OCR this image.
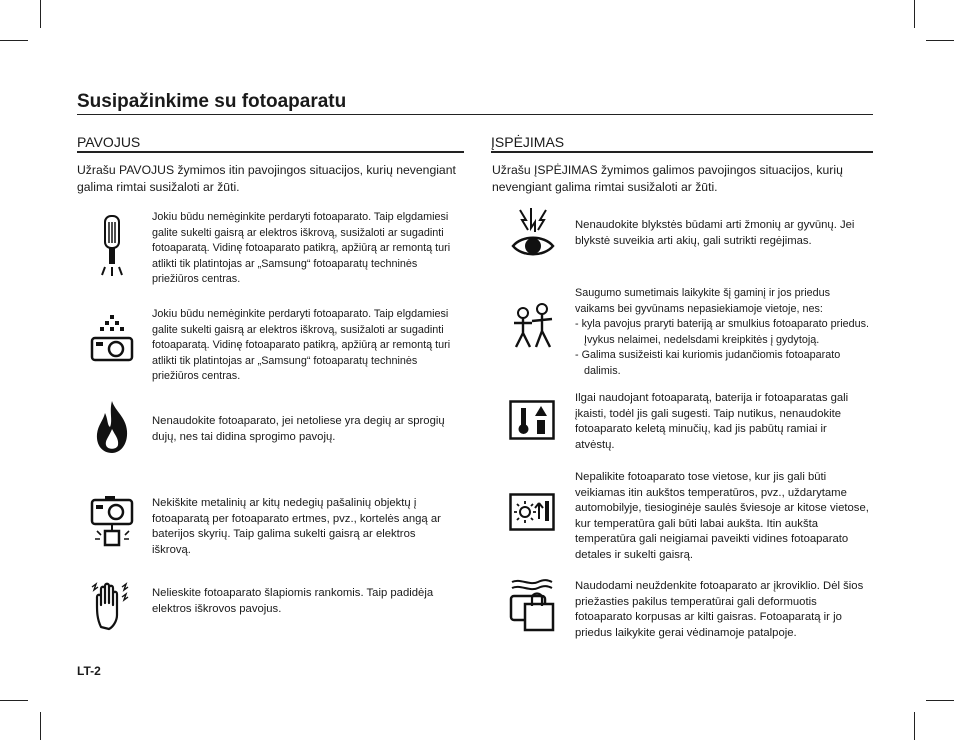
Susipažinkime su fotoaparatu
PAVOJUS
Užrašu PAVOJUS žymimos itin pavojingos situacijos, kurių nevengiant galima rimtai susižaloti ar žūti.
Jokiu būdu nemėginkite perdaryti fotoaparato. Taip elgdamiesi galite sukelti gaisrą ar elektros iškrovą, susižaloti ar sugadinti fotoaparatą. Vidinę fotoaparato patikrą, apžiūrą ar remontą turi atlikti tik platintojas ar „Samsung“ fotoaparatų techninės priežiūros centras.
Jokiu būdu nemėginkite perdaryti fotoaparato. Taip elgdamiesi galite sukelti gaisrą ar elektros iškrovą, susižaloti ar sugadinti fotoaparatą. Vidinę fotoaparato patikrą, apžiūrą ar remontą turi atlikti tik platintojas ar „Samsung“ fotoaparatų techninės priežiūros centras.
Nenaudokite fotoaparato, jei netoliese yra degių ar sprogių dujų, nes tai didina sprogimo pavojų.
Nekiškite metalinių ar kitų nedegių pašalinių objektų į fotoaparatą per fotoaparato ertmes, pvz., kortelės angą ar baterijos skyrių. Taip galima sukelti gaisrą ar elektros iškrovą.
Nelieskite fotoaparato šlapiomis rankomis. Taip padidėja elektros iškrovos pavojus.
ĮSPĖJIMAS
Užrašu ĮSPĖJIMAS žymimos galimos pavojingos situacijos, kurių nevengiant galima rimtai susižaloti ar žūti.
Nenaudokite blykstės būdami arti žmonių ar gyvūnų. Jei blykstė suveikia arti akių, gali sutrikti regėjimas.
Saugumo sumetimais laikykite šį gaminį ir jos priedus
vaikams bei gyvūnams nepasiekiamoje vietoje, nes:
- kyla pavojus praryti bateriją ar smulkius fotoaparato priedus. Įvykus nelaimei, nedelsdami kreipkitės į gydytoją.
- Galima susižeisti kai kuriomis judančiomis fotoaparato dalimis.
Ilgai naudojant fotoaparatą, baterija ir fotoaparatas gali įkaisti, todėl jis gali sugesti. Taip nutikus, nenaudokite fotoaparato keletą minučių, kad jis pabūtų ramiai ir atvėstų.
Nepalikite fotoaparato tose vietose, kur jis gali būti veikiamas itin aukštos temperatūros, pvz., uždarytame automobilyje, tiesioginėje saulės šviesoje ar kitose vietose, kur temperatūra gali būti labai aukšta. Itin aukšta temperatūra gali neigiamai paveikti vidines fotoaparato detales ir sukelti gaisrą.
Naudodami neuždenkite fotoaparato ar įkroviklio. Dėl šios priežasties pakilus temperatūrai gali deformuotis fotoaparato korpusas ar kilti gaisras. Fotoaparatą ir jo priedus laikykite gerai vėdinamoje patalpoje.
LT-2
